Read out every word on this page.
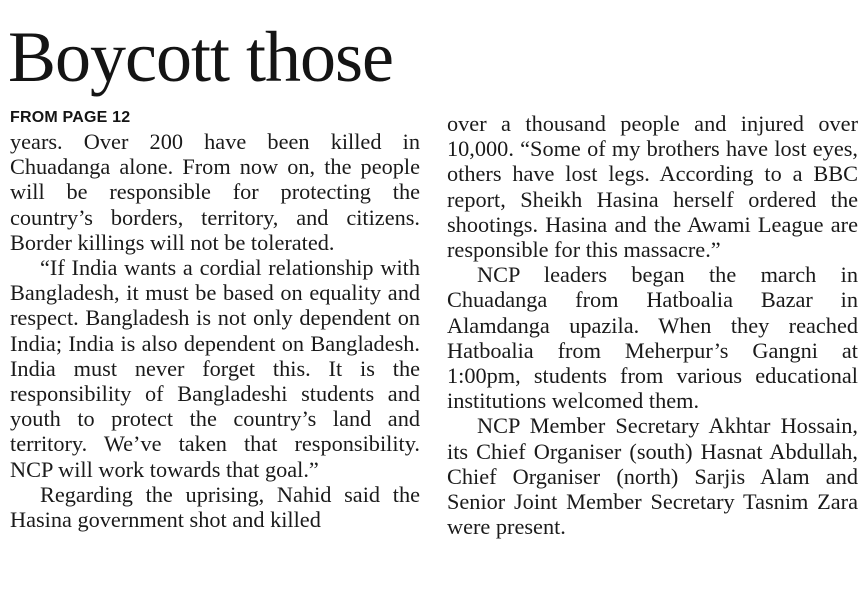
Boycott those
FROM PAGE 12

years. Over 200 have been killed in Chuadanga alone. From now on, the people will be responsible for protecting the country’s borders, territory, and citizens. Border killings will not be tolerated.

“If India wants a cordial relationship with Bangladesh, it must be based on equality and respect. Bangladesh is not only dependent on India; India is also dependent on Bangladesh. India must never forget this. It is the responsibility of Bangladeshi students and youth to protect the country’s land and territory. We’ve taken that responsibility. NCP will work towards that goal.”

Regarding the uprising, Nahid said the Hasina government shot and killed

over a thousand people and injured over 10,000. “Some of my brothers have lost eyes, others have lost legs. According to a BBC report, Sheikh Hasina herself ordered the shootings. Hasina and the Awami League are responsible for this massacre.”

NCP leaders began the march in Chuadanga from Hatboalia Bazar in Alamdanga upazila. When they reached Hatboalia from Meherpur’s Gangni at 1:00pm, students from various educational institutions welcomed them.

NCP Member Secretary Akhtar Hossain, its Chief Organiser (south) Hasnat Abdullah, Chief Organiser (north) Sarjis Alam and Senior Joint Member Secretary Tasnim Zara were present.
